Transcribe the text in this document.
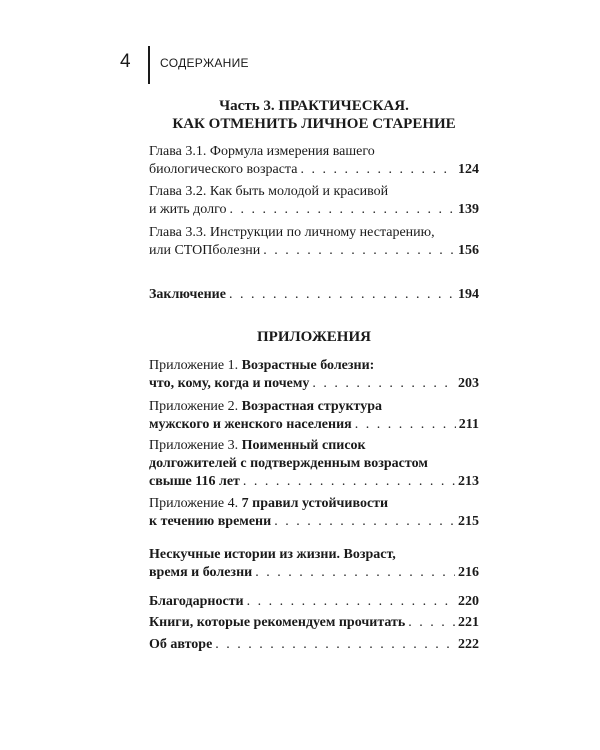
4 СОДЕРЖАНИЕ
Часть 3. ПРАКТИЧЕСКАЯ.
КАК ОТМЕНИТЬ ЛИЧНОЕ СТАРЕНИЕ
Глава 3.1. Формула измерения вашего
биологического возраста . . .	124
Глава 3.2. Как быть молодой и красивой
и жить долго . . .	139
Глава 3.3. Инструкции по личному нестарению,
или СТОПболезни . . .	156
Заключение . . .	194
ПРИЛОЖЕНИЯ
Приложение 1. Возрастные болезни:
что, кому, когда и почему . . .	203
Приложение 2. Возрастная структура
мужского и женского населения . . .	211
Приложение 3. Поименный список
долгожителей с подтвержденным возрастом
свыше 116 лет . . .	213
Приложение 4. 7 правил устойчивости
к течению времени . . .	215
Нескучные истории из жизни. Возраст,
время и болезни . . .	216
Благодарности . . .	220
Книги, которые рекомендуем прочитать . . .	221
Об авторе . . .	222
